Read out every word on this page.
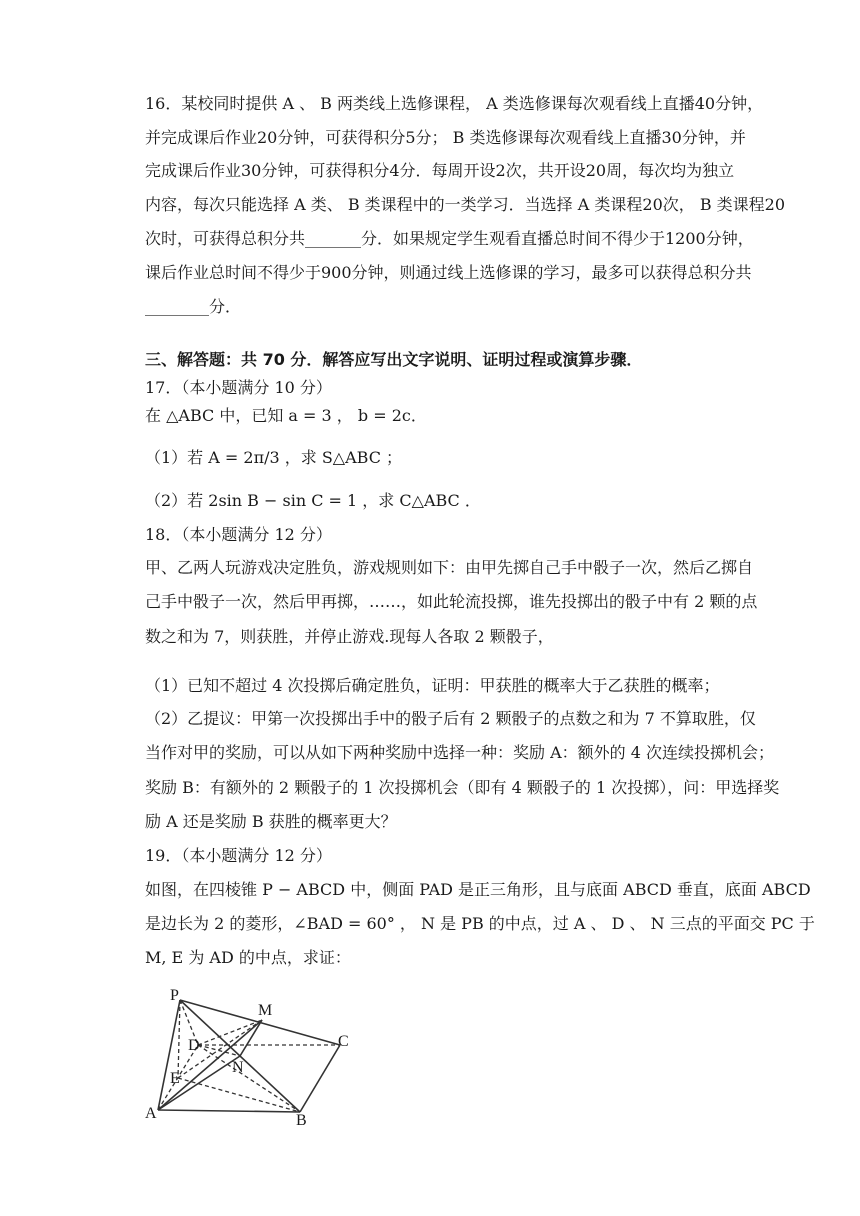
16．某校同时提供 A 、 B 两类线上选修课程， A 类选修课每次观看线上直播40分钟，
并完成课后作业20分钟，可获得积分5分； B 类选修课每次观看线上直播30分钟，并
完成课后作业30分钟，可获得积分4分．每周开设2次，共开设20周，每次均为独立
内容，每次只能选择 A 类、 B 类课程中的一类学习．当选择 A 类课程20次， B 类课程20
次时，可获得总积分共_______分．如果规定学生观看直播总时间不得少于1200分钟，
课后作业总时间不得少于900分钟，则通过线上选修课的学习，最多可以获得总积分共
________分．
三、解答题：共 70 分．解答应写出文字说明、证明过程或演算步骤．
17．（本小题满分 10 分）
在 △ABC 中，已知 a = 3 ， b = 2c．
（1）若 A = 2π/3 ，求 S△ABC ；
（2）若 2sin B − sin C = 1 ，求 C△ABC ．
18．（本小题满分 12 分）
甲、乙两人玩游戏决定胜负，游戏规则如下：由甲先掷自己手中骰子一次，然后乙掷自
己手中骰子一次，然后甲再掷，……，如此轮流投掷，谁先投掷出的骰子中有 2 颗的点
数之和为 7，则获胜，并停止游戏.现每人各取 2 颗骰子，
（1）已知不超过 4 次投掷后确定胜负，证明：甲获胜的概率大于乙获胜的概率；
（2）乙提议：甲第一次投掷出手中的骰子后有 2 颗骰子的点数之和为 7 不算取胜，仅
当作对甲的奖励，可以从如下两种奖励中选择一种：奖励 A：额外的 4 次连续投掷机会；
奖励 B：有额外的 2 颗骰子的 1 次投掷机会（即有 4 颗骰子的 1 次投掷），问：甲选择奖
励 A 还是奖励 B 获胜的概率更大？
19．（本小题满分 12 分）
如图，在四棱锥 P − ABCD 中，侧面 PAD 是正三角形，且与底面 ABCD 垂直，底面 ABCD
是边长为 2 的菱形，∠BAD = 60° ， N 是 PB 的中点，过 A 、 D 、 N 三点的平面交 PC 于
M, E 为 AD 的中点，求证：
P
M
D	C
N
E
A	B
